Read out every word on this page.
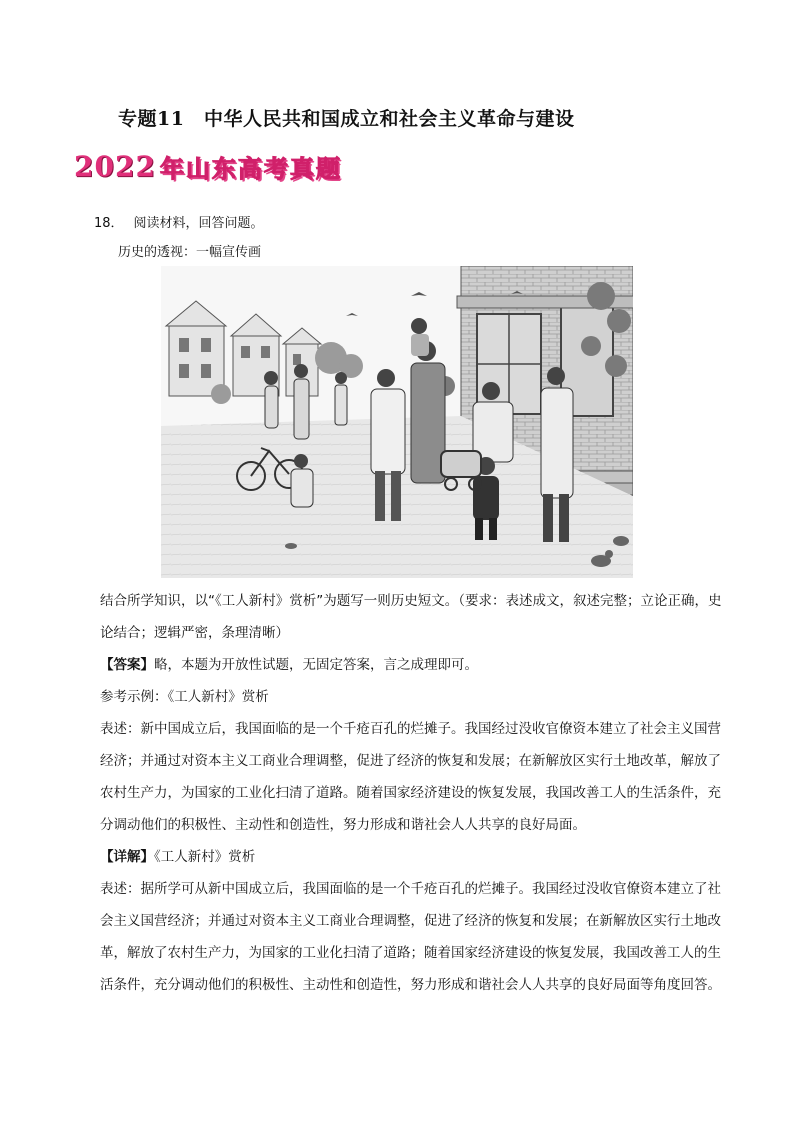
专题11　中华人民共和国成立和社会主义革命与建设
2022 年山东高考真题
18． 阅读材料，回答问题。
历史的透视：一幅宣传画
结合所学知识，以“《工人新村》赏析”为题写一则历史短文。（要求：表述成文，叙述完整；立论正确，史
论结合；逻辑严密，条理清晰）
【答案】略，本题为开放性试题，无固定答案，言之成理即可。
参考示例：《工人新村》赏析
表述：新中国成立后，我国面临的是一个千疮百孔的烂摊子。我国经过没收官僚资本建立了社会主义国营
经济；并通过对资本主义工商业合理调整，促进了经济的恢复和发展；在新解放区实行土地改革，解放了
农村生产力，为国家的工业化扫清了道路。随着国家经济建设的恢复发展，我国改善工人的生活条件，充
分调动他们的积极性、主动性和创造性，努力形成和谐社会人人共享的良好局面。
【详解】《工人新村》赏析
表述：据所学可从新中国成立后，我国面临的是一个千疮百孔的烂摊子。我国经过没收官僚资本建立了社
会主义国营经济；并通过对资本主义工商业合理调整，促进了经济的恢复和发展；在新解放区实行土地改
革，解放了农村生产力，为国家的工业化扫清了道路；随着国家经济建设的恢复发展，我国改善工人的生
活条件，充分调动他们的积极性、主动性和创造性，努力形成和谐社会人人共享的良好局面等角度回答。
